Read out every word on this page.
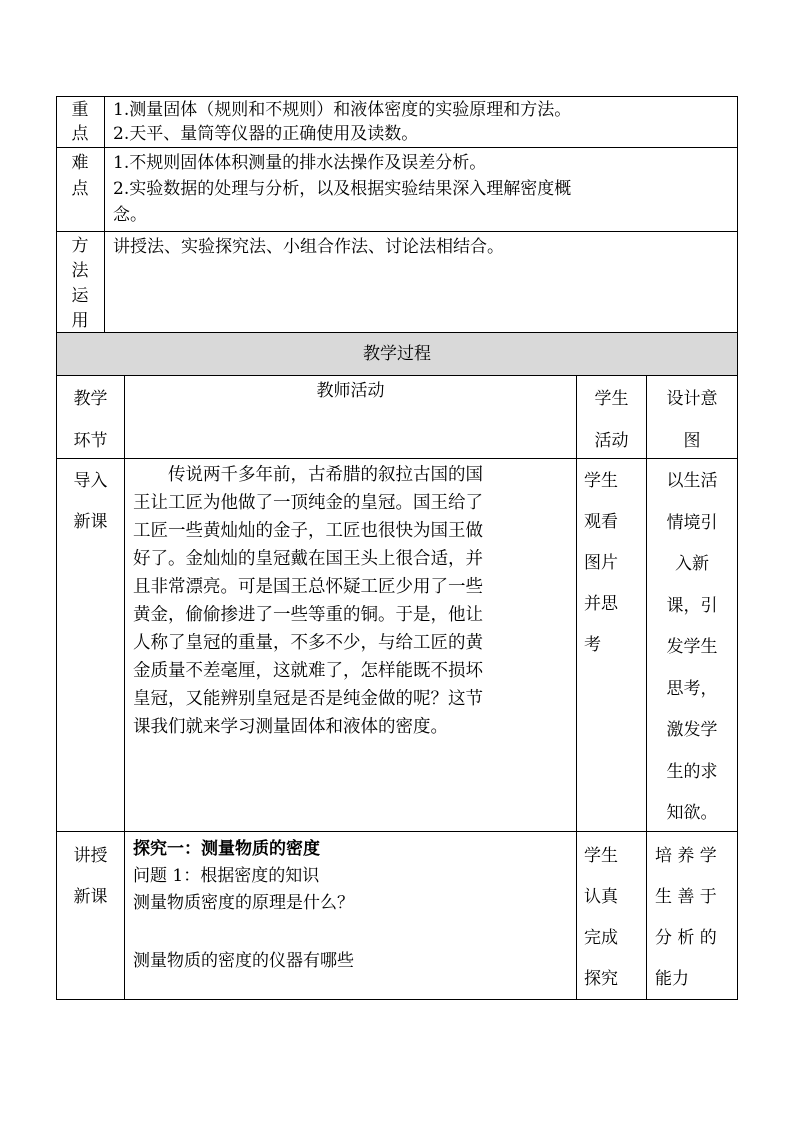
重
点
1.测量固体（规则和不规则）和液体密度的实验原理和方法。
2.天平、量筒等仪器的正确使用及读数。
难
点
1.不规则固体体积测量的排水法操作及误差分析。
2.实验数据的处理与分析，以及根据实验结果深入理解密度概
念。
方
法
运
用
讲授法、实验探究法、小组合作法、讨论法相结合。
教学过程
教学
环节
教师活动	学生
活动
设计意
图
导入
新课
　　传说两千多年前，古希腊的叙拉古国的国
王让工匠为他做了一顶纯金的皇冠。国王给了
工匠一些黄灿灿的金子，工匠也很快为国王做
好了。金灿灿的皇冠戴在国王头上很合适，并
且非常漂亮。可是国王总怀疑工匠少用了一些
黄金，偷偷掺进了一些等重的铜。于是，他让
人称了皇冠的重量，不多不少，与给工匠的黄
金质量不差毫厘，这就难了，怎样能既不损坏
皇冠，又能辨别皇冠是否是纯金做的呢？这节
课我们就来学习测量固体和液体的密度。
学生
观看
图片
并思
考
以生活
情境引
入新
课，引
发学生
思考，
激发学
生的求
知欲。
讲授
新课
探究一：测量物质的密度
问题 1：根据密度的知识
测量物质密度的原理是什么？
测量物质的密度的仪器有哪些
学生
认真
完成
探究
培 养 学
生 善 于
分 析 的
能力
